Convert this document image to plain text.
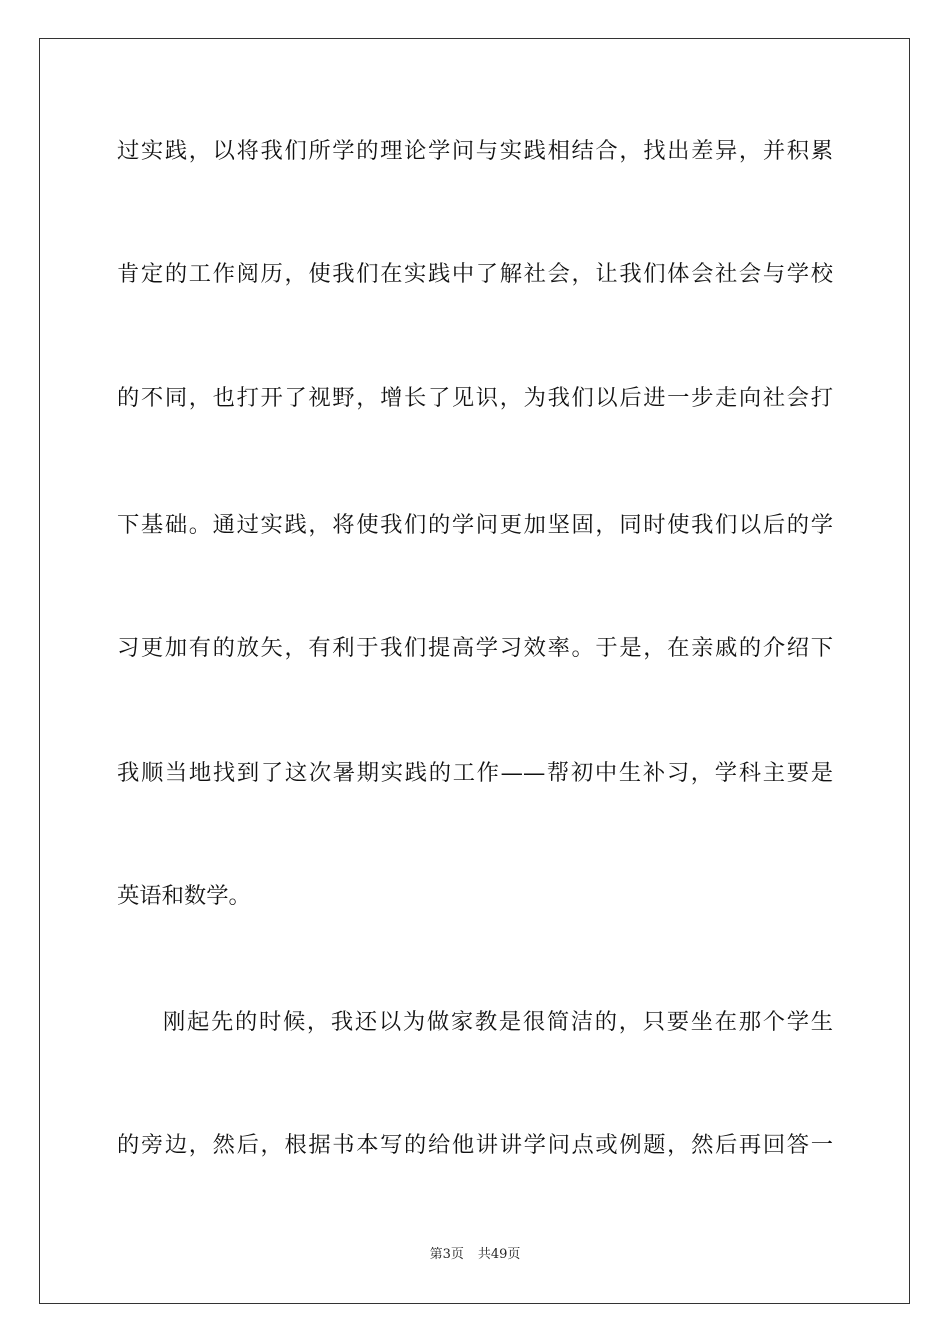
过实践，以将我们所学的理论学问与实践相结合，找出差异，并积累
肯定的工作阅历，使我们在实践中了解社会，让我们体会社会与学校
的不同，也打开了视野，增长了见识，为我们以后进一步走向社会打
下基础。通过实践，将使我们的学问更加坚固，同时使我们以后的学
习更加有的放矢，有利于我们提高学习效率。于是，在亲戚的介绍下
我顺当地找到了这次暑期实践的工作——帮初中生补习，学科主要是
英语和数学。
刚起先的时候，我还以为做家教是很简洁的，只要坐在那个学生
的旁边，然后，根据书本写的给他讲讲学问点或例题，然后再回答一
第3页 共49页
